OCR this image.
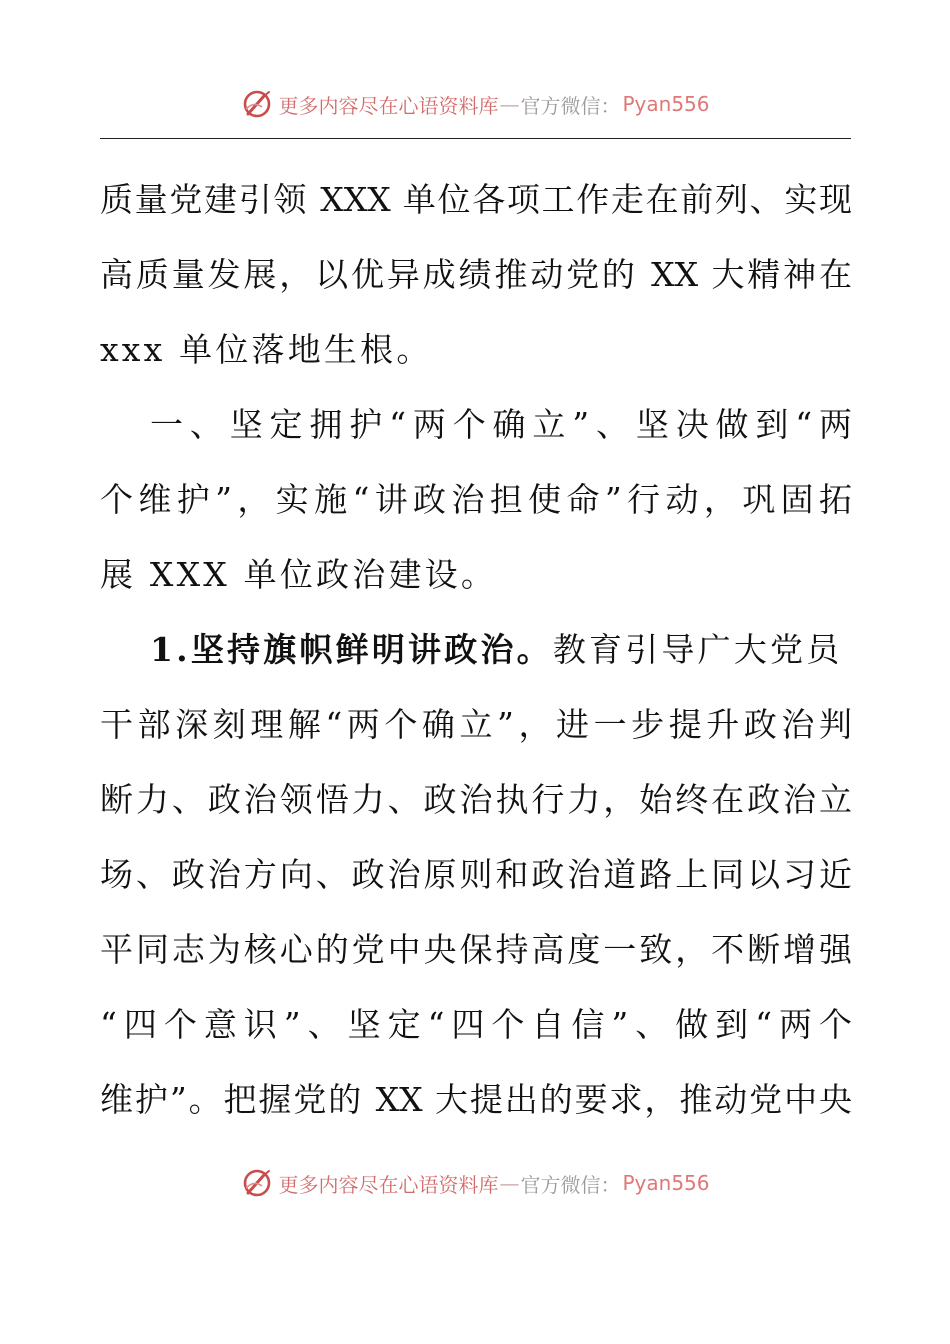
更多内容尽在心语资料库 — 官方微信： Pyan556
质量党建引领 XXX 单位各项工作走在前列、实现
高质量发展，以优异成绩推动党的 XX 大精神在
xxx 单位落地生根。
一、坚定拥护“两个确立”、坚决做到“两
个维护”，实施“讲政治担使命”行动，巩固拓
展 XXX 单位政治建设。
1.坚持旗帜鲜明讲政治。教育引导广大党员
干部深刻理解“两个确立”，进一步提升政治判
断力、政治领悟力、政治执行力，始终在政治立
场、政治方向、政治原则和政治道路上同以习近
平同志为核心的党中央保持高度一致，不断增强
“四个意识”、坚定“四个自信”、做到“两个
维护”。把握党的 XX 大提出的要求，推动党中央
更多内容尽在心语资料库 — 官方微信： Pyan556
